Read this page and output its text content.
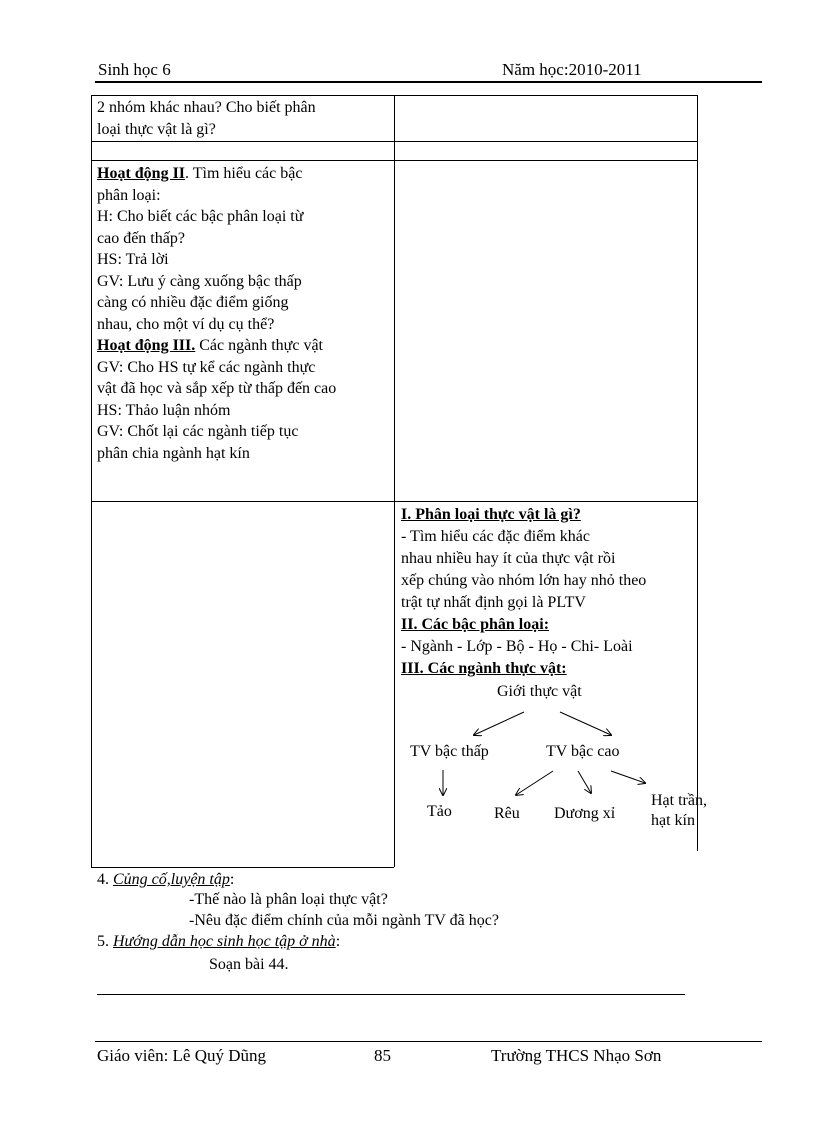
Sinh học 6	Năm học:2010-2011
2 nhóm khác nhau? Cho biết phân
loại thực vật là gì?
Hoạt động II. Tìm hiểu các bậc
phân loại:
H: Cho biết các bậc phân loại từ
cao đến thấp?
HS: Trả lời
GV: Lưu ý càng xuống bậc thấp
càng có nhiều đặc điểm giống
nhau, cho một ví dụ cụ thể?
Hoạt động III. Các ngành thực vật
GV: Cho HS tự kể các ngành thực
vật đã học và sắp xếp từ thấp đến cao
HS: Thảo luận nhóm
GV: Chốt lại các ngành tiếp tục
phân chia ngành hạt kín
I. Phân loại thực vật là gì?
- Tìm hiểu các đặc điểm khác
nhau nhiều hay ít của thực vật rồi
xếp chúng vào nhóm lớn hay nhỏ theo
trật tự nhất định gọi là PLTV
II. Các bậc phân loại:
- Ngành - Lớp - Bộ - Họ - Chi- Loài
III. Các ngành thực vật:
Giới thực vật
TV bậc thấp	TV bậc cao
Tảo	Rêu Dương xỉ
Hạt trần,
hạt kín
4. Củng cố,luyện tập:
-Thế nào là phân loại thực vật?
-Nêu đặc điểm chính của mỗi ngành TV đã học?
5. Hướng dẫn học sinh học tập ở nhà:
Soạn bài 44.
Giáo viên: Lê Quý Dũng	85	Trường THCS Nhạo Sơn
